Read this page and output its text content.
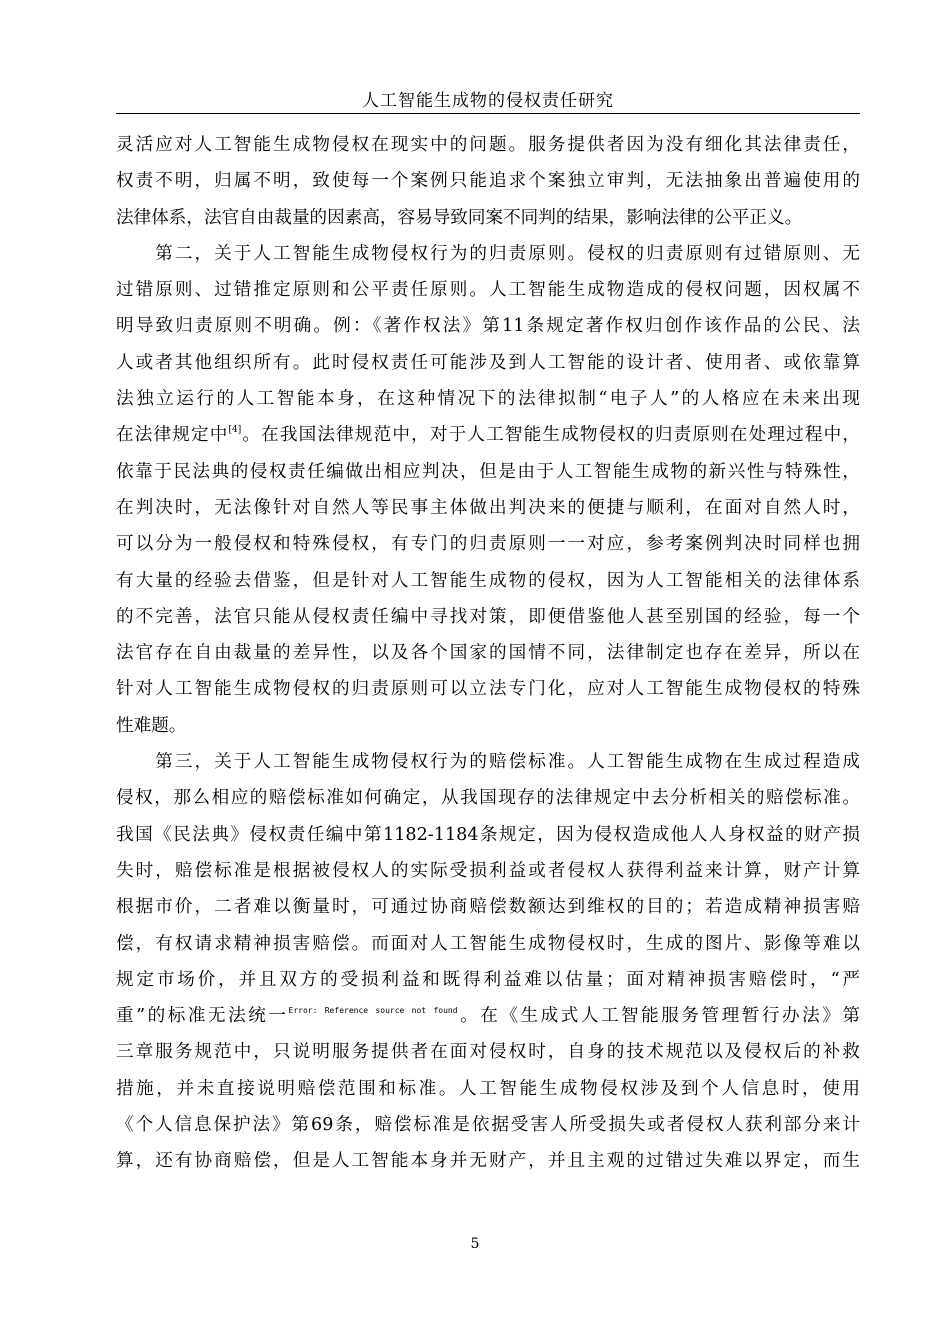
人工智能生成物的侵权责任研究
灵活应对人工智能生成物侵权在现实中的问题。服务提供者因为没有细化其法律责任，
权责不明，归属不明，致使每一个案例只能追求个案独立审判，无法抽象出普遍使用的
法律体系，法官自由裁量的因素高，容易导致同案不同判的结果，影响法律的公平正义。
　　第二，关于人工智能生成物侵权行为的归责原则。侵权的归责原则有过错原则、无
过错原则、过错推定原则和公平责任原则。人工智能生成物造成的侵权问题，因权属不
明导致归责原则不明确。例：《著作权法》第11条规定著作权归创作该作品的公民、法
人或者其他组织所有。此时侵权责任可能涉及到人工智能的设计者、使用者、或依靠算
法独立运行的人工智能本身，在这种情况下的法律拟制“电子人”的人格应在未来出现
在法律规定中[4]。在我国法律规范中，对于人工智能生成物侵权的归责原则在处理过程中，
依靠于民法典的侵权责任编做出相应判决，但是由于人工智能生成物的新兴性与特殊性，
在判决时，无法像针对自然人等民事主体做出判决来的便捷与顺利，在面对自然人时，
可以分为一般侵权和特殊侵权，有专门的归责原则一一对应，参考案例判决时同样也拥
有大量的经验去借鉴，但是针对人工智能生成物的侵权，因为人工智能相关的法律体系
的不完善，法官只能从侵权责任编中寻找对策，即便借鉴他人甚至别国的经验，每一个
法官存在自由裁量的差异性，以及各个国家的国情不同，法律制定也存在差异，所以在
针对人工智能生成物侵权的归责原则可以立法专门化，应对人工智能生成物侵权的特殊
性难题。
　　第三，关于人工智能生成物侵权行为的赔偿标准。人工智能生成物在生成过程造成
侵权，那么相应的赔偿标准如何确定，从我国现存的法律规定中去分析相关的赔偿标准。
我国《民法典》侵权责任编中第1182-1184条规定，因为侵权造成他人人身权益的财产损
失时，赔偿标准是根据被侵权人的实际受损利益或者侵权人获得利益来计算，财产计算
根据市价，二者难以衡量时，可通过协商赔偿数额达到维权的目的；若造成精神损害赔
偿，有权请求精神损害赔偿。而面对人工智能生成物侵权时，生成的图片、影像等难以
规定市场价，并且双方的受损利益和既得利益难以估量；面对精神损害赔偿时，“严
重”的标准无法统一$^{Error: Reference source not found}$。在《生成式人工智能服务管理暂行办法》第
三章服务规范中，只说明服务提供者在面对侵权时，自身的技术规范以及侵权后的补救
措施，并未直接说明赔偿范围和标准。人工智能生成物侵权涉及到个人信息时，使用
《个人信息保护法》第69条，赔偿标准是依据受害人所受损失或者侵权人获利部分来计
算，还有协商赔偿，但是人工智能本身并无财产，并且主观的过错过失难以界定，而生
5
